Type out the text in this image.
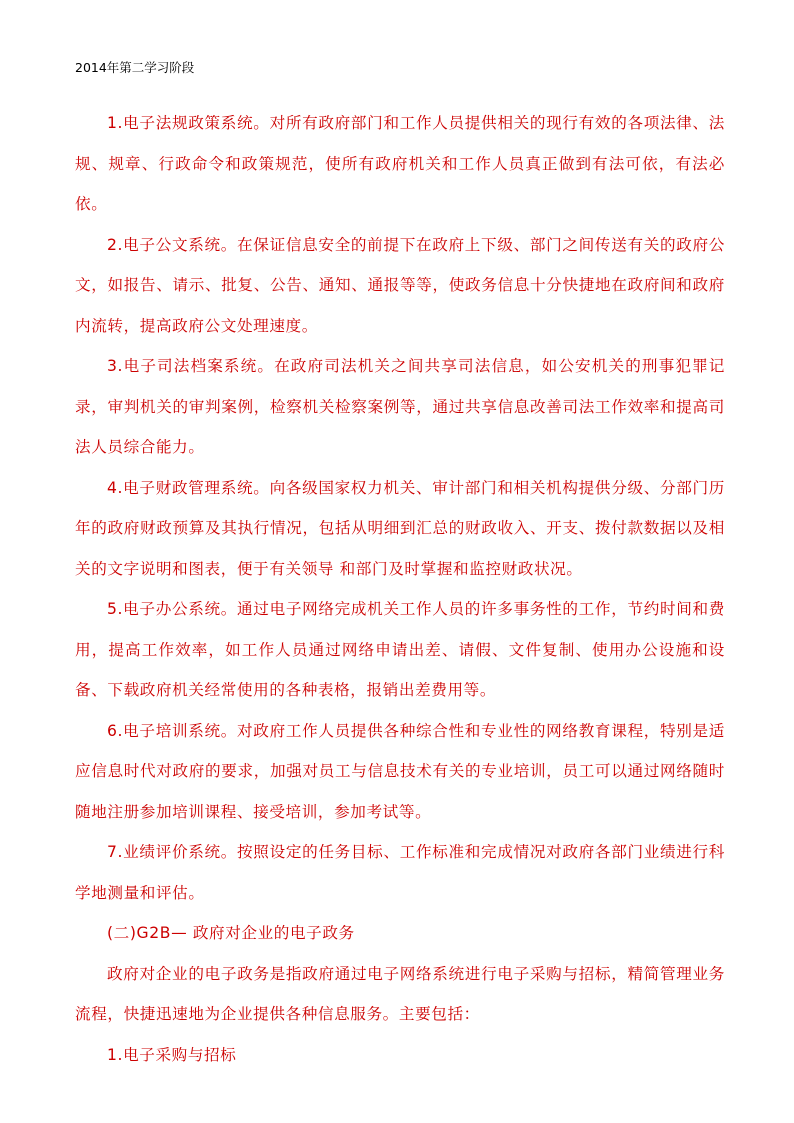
2014年第二学习阶段

1.电子法规政策系统。对所有政府部门和工作人员提供相关的现行有效的各项法律、法规、规章、行政命令和政策规范，使所有政府机关和工作人员真正做到有法可依，有法必依。

2.电子公文系统。在保证信息安全的前提下在政府上下级、部门之间传送有关的政府公文，如报告、请示、批复、公告、通知、通报等等，使政务信息十分快捷地在政府间和政府内流转，提高政府公文处理速度。

3.电子司法档案系统。在政府司法机关之间共享司法信息，如公安机关的刑事犯罪记录，审判机关的审判案例，检察机关检察案例等，通过共享信息改善司法工作效率和提高司法人员综合能力。

4.电子财政管理系统。向各级国家权力机关、审计部门和相关机构提供分级、分部门历年的政府财政预算及其执行情况，包括从明细到汇总的财政收入、开支、拨付款数据以及相关的文字说明和图表，便于有关领导 和部门及时掌握和监控财政状况。

5.电子办公系统。通过电子网络完成机关工作人员的许多事务性的工作，节约时间和费用，提高工作效率，如工作人员通过网络申请出差、请假、文件复制、使用办公设施和设备、下载政府机关经常使用的各种表格，报销出差费用等。

6.电子培训系统。对政府工作人员提供各种综合性和专业性的网络教育课程，特别是适应信息时代对政府的要求，加强对员工与信息技术有关的专业培训，员工可以通过网络随时随地注册参加培训课程、接受培训，参加考试等。

7.业绩评价系统。按照设定的任务目标、工作标准和完成情况对政府各部门业绩进行科学地测量和评估。

(二)G2B— 政府对企业的电子政务

政府对企业的电子政务是指政府通过电子网络系统进行电子采购与招标，精简管理业务流程，快捷迅速地为企业提供各种信息服务。主要包括：

1.电子采购与招标
